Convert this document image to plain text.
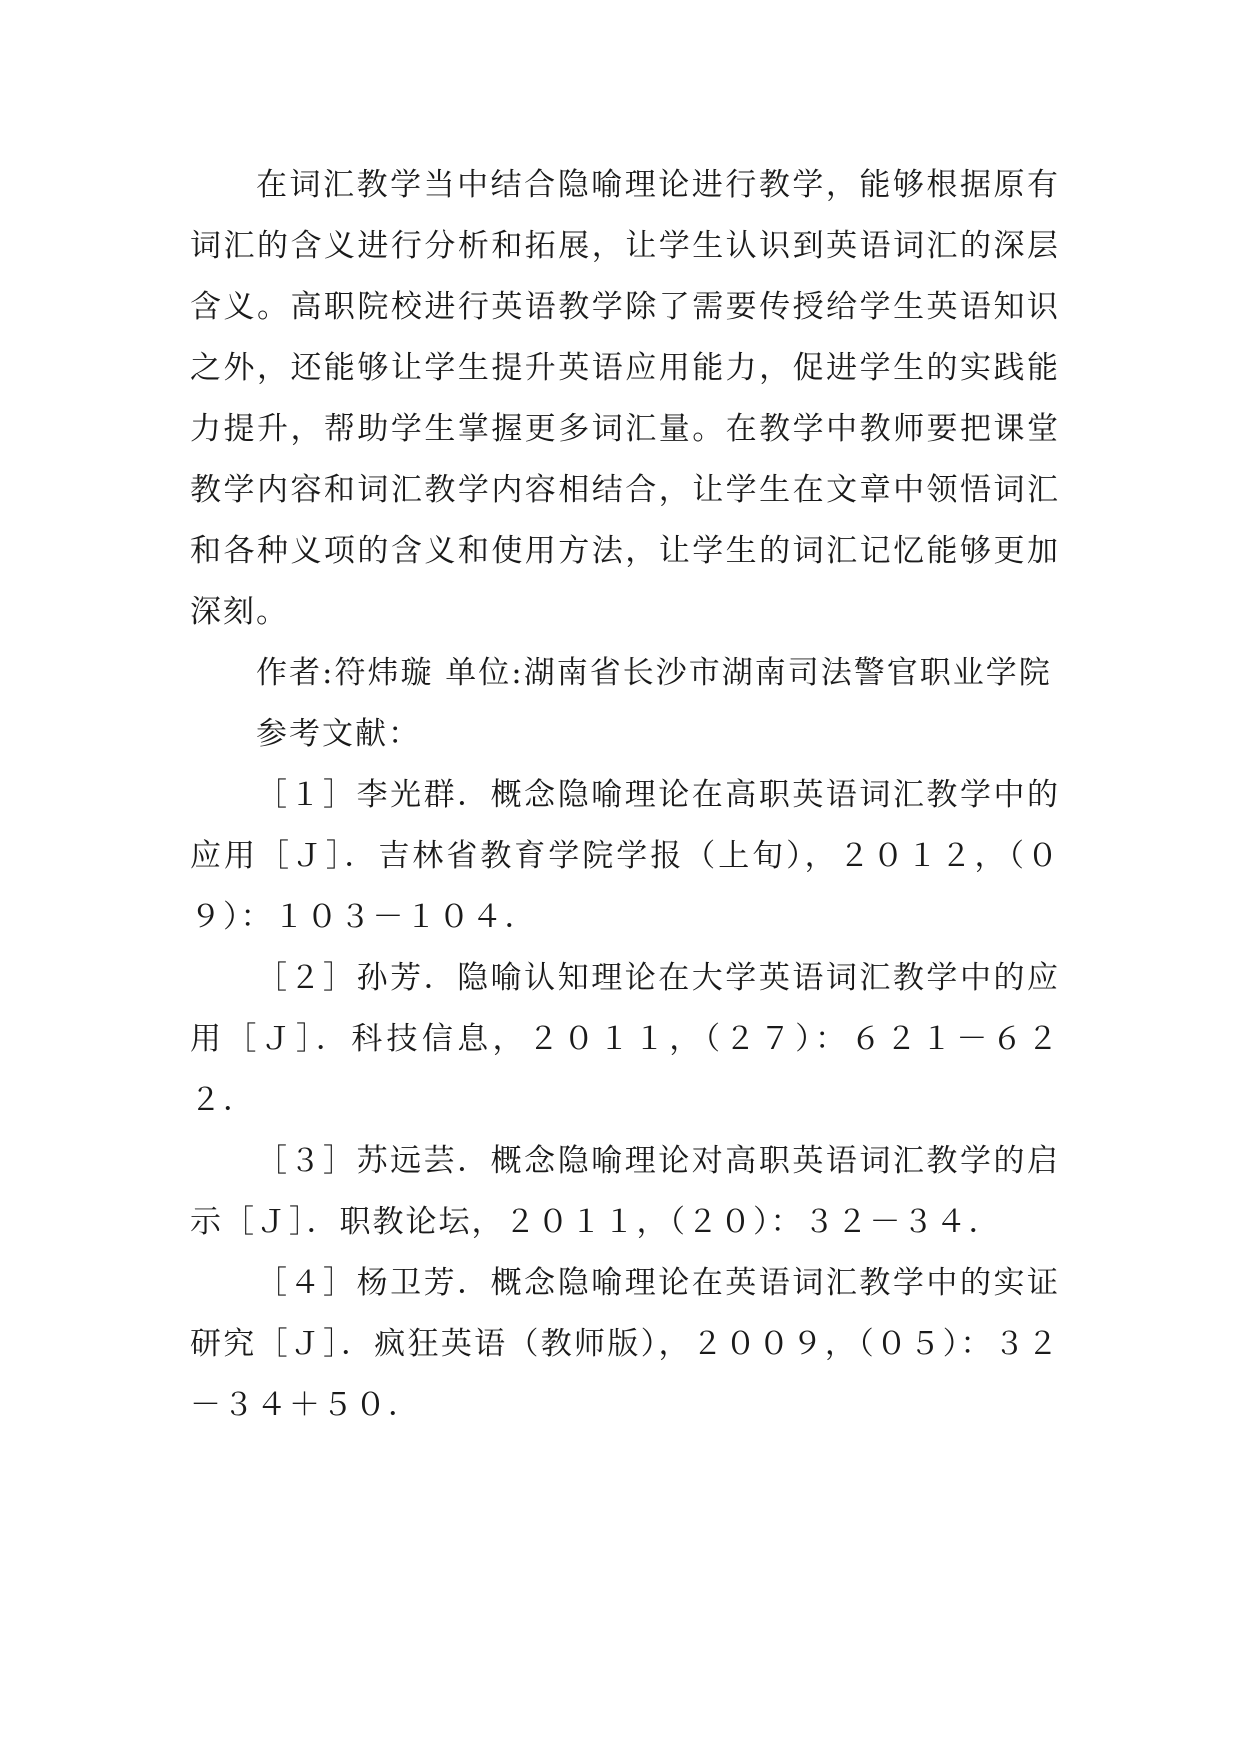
在词汇教学当中结合隐喻理论进行教学，能够根据原有词汇的含义进行分析和拓展，让学生认识到英语词汇的深层含义。高职院校进行英语教学除了需要传授给学生英语知识之外，还能够让学生提升英语应用能力，促进学生的实践能力提升，帮助学生掌握更多词汇量。在教学中教师要把课堂教学内容和词汇教学内容相结合，让学生在文章中领悟词汇和各种义项的含义和使用方法，让学生的词汇记忆能够更加深刻。

作者:符炜璇 单位:湖南省长沙市湖南司法警官职业学院

参考文献：

［１］李光群．概念隐喻理论在高职英语词汇教学中的应用［Ｊ］．吉林省教育学院学报（上旬），２０１２，（０９）：１０３－１０４．

［２］孙芳．隐喻认知理论在大学英语词汇教学中的应用［Ｊ］．科技信息，２０１１，（２７）：６２１－６２２．

［３］苏远芸．概念隐喻理论对高职英语词汇教学的启示［Ｊ］．职教论坛，２０１１，（２０）：３２－３４．

［４］杨卫芳．概念隐喻理论在英语词汇教学中的实证研究［Ｊ］．疯狂英语（教师版），２００９，（０５）：３２－３４＋５０．
